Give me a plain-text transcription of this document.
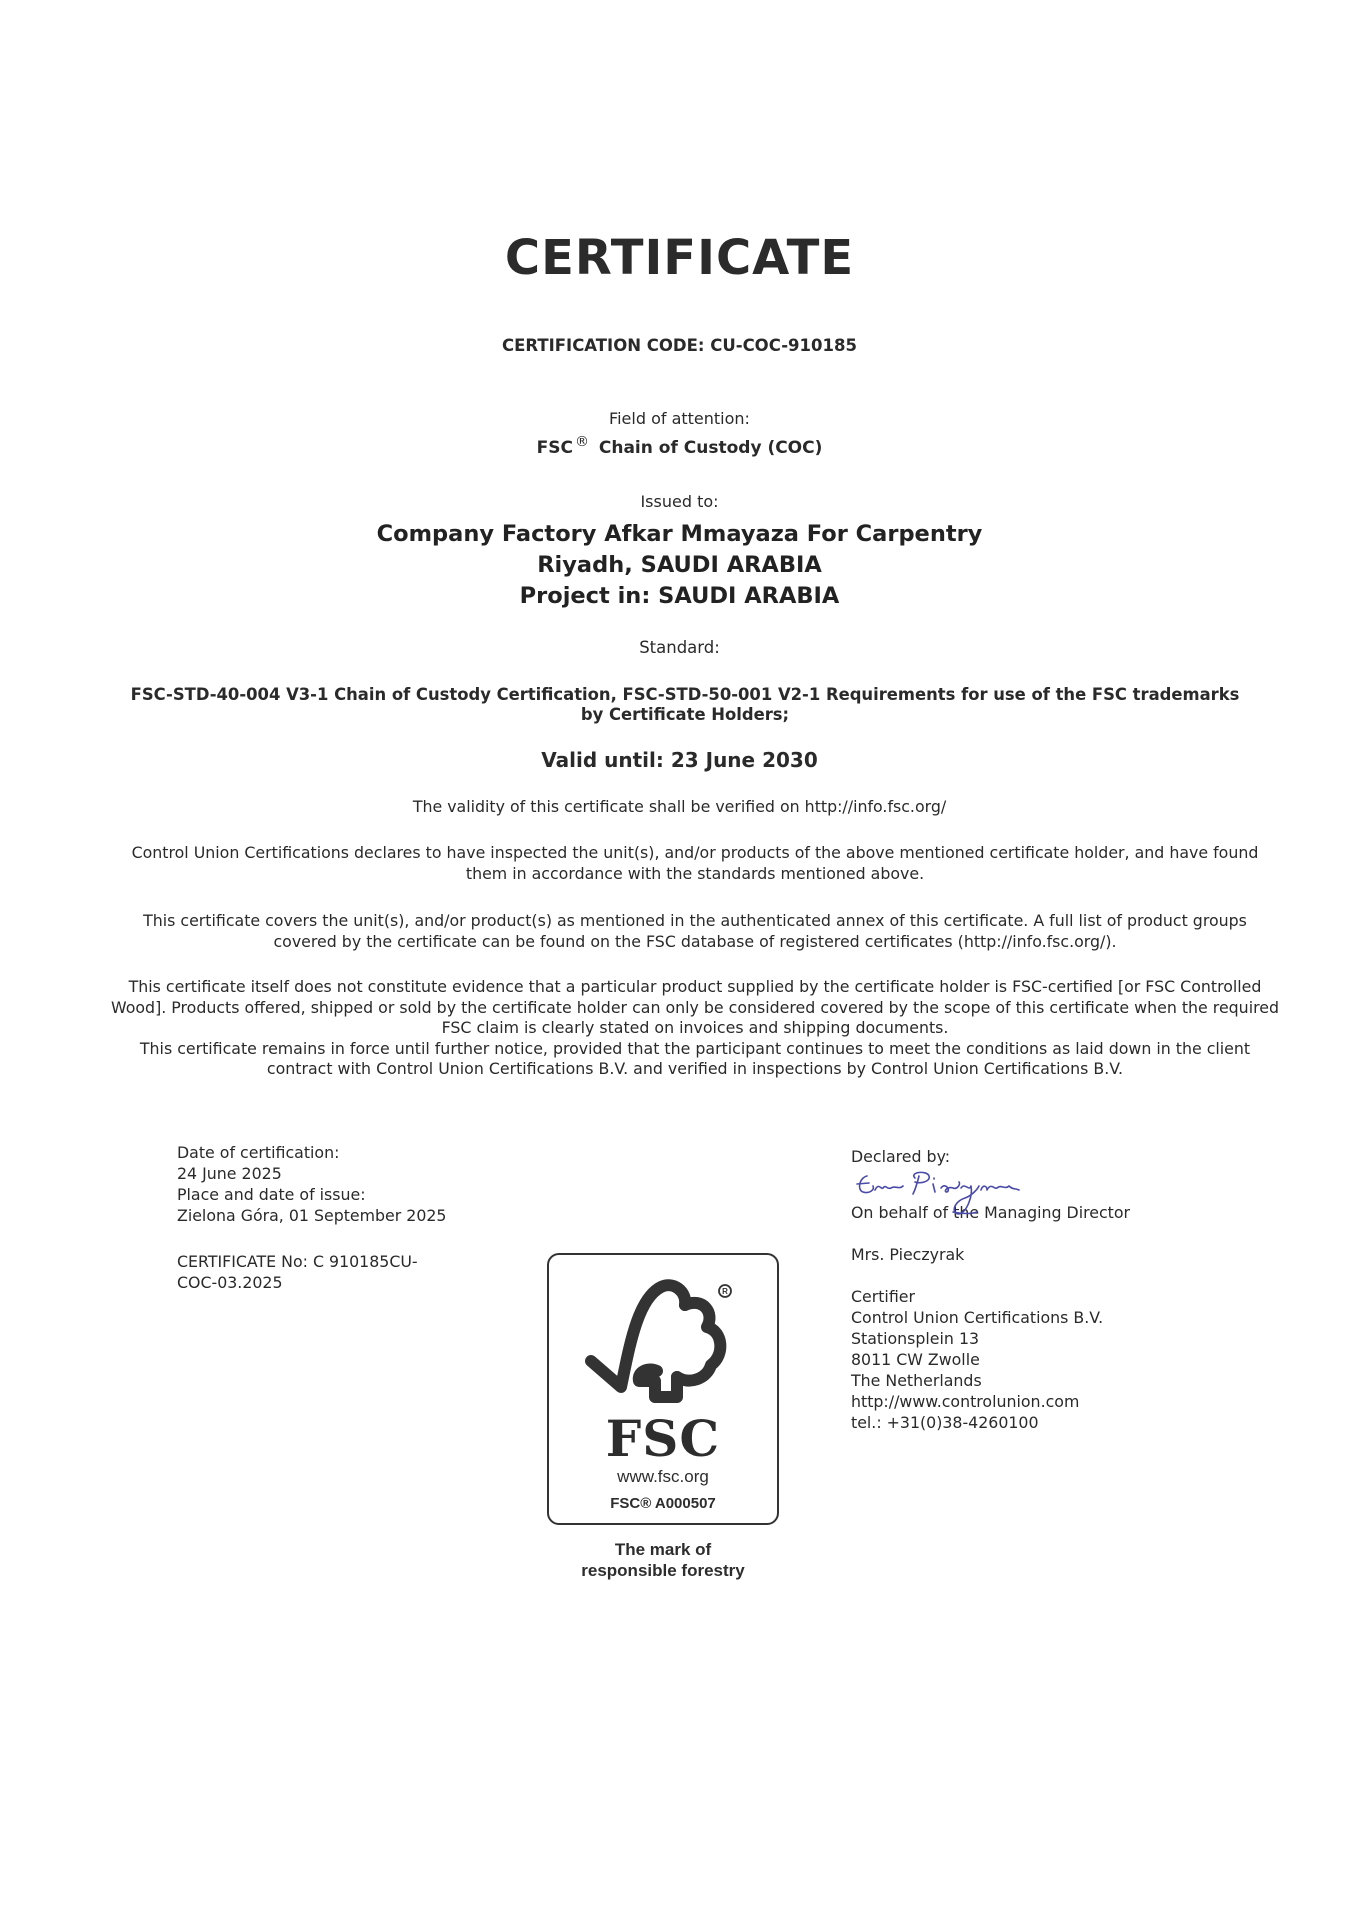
CERTIFICATE
CERTIFICATION CODE: CU-COC-910185
Field of attention:
FSC ® Chain of Custody (COC)
Issued to:
Company Factory Afkar Mmayaza For Carpentry
Riyadh, SAUDI ARABIA
Project in: SAUDI ARABIA
Standard:
FSC-STD-40-004 V3-1 Chain of Custody Certification, FSC-STD-50-001 V2-1 Requirements for use of the FSC trademarks by Certificate Holders;
Valid until: 23 June 2030
The validity of this certificate shall be verified on http://info.fsc.org/
Control Union Certifications declares to have inspected the unit(s), and/or products of the above mentioned certificate holder, and have found them in accordance with the standards mentioned above.
This certificate covers the unit(s), and/or product(s) as mentioned in the authenticated annex of this certificate. A full list of product groups covered by the certificate can be found on the FSC database of registered certificates (http://info.fsc.org/).
This certificate itself does not constitute evidence that a particular product supplied by the certificate holder is FSC-certified [or FSC Controlled Wood]. Products offered, shipped or sold by the certificate holder can only be considered covered by the scope of this certificate when the required FSC claim is clearly stated on invoices and shipping documents.
This certificate remains in force until further notice, provided that the participant continues to meet the conditions as laid down in the client contract with Control Union Certifications B.V. and verified in inspections by Control Union Certifications B.V.
Date of certification:
24 June 2025
Place and date of issue:
Zielona Góra, 01 September 2025
CERTIFICATE No: C 910185CU-
COC-03.2025
Declared by:
On behalf of the Managing Director
Mrs. Pieczyrak
Certifier
Control Union Certifications B.V.
Stationsplein 13
8011 CW Zwolle
The Netherlands
http://www.controlunion.com
tel.: +31(0)38-4260100
R
FSC
www.fsc.org
FSC® A000507
The mark of
responsible forestry
